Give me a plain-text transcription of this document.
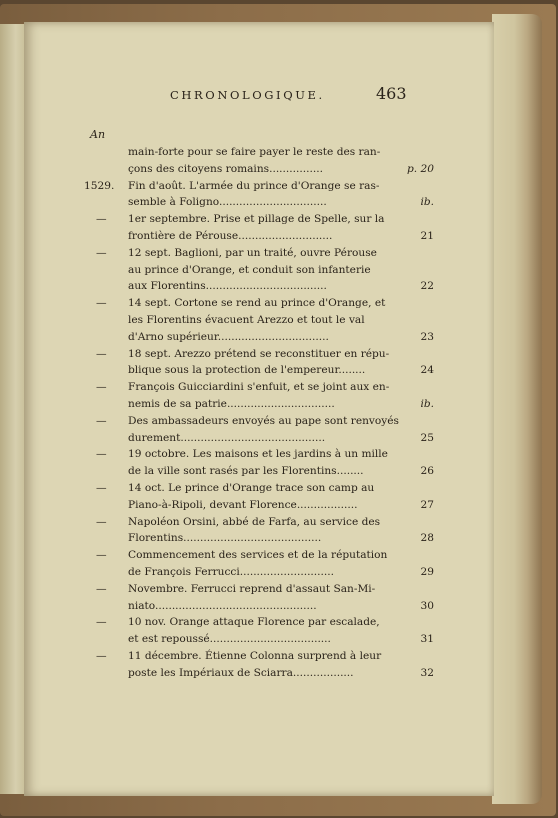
CHRONOLOGIQUE.	463
An
main-forte pour se faire payer le reste des ran-
çons des citoyens romains................	p. 20
1529.	Fin d'août. L'armée du prince d'Orange se ras-
semble à Foligno................................	ib.
—	1er septembre. Prise et pillage de Spelle, sur la
frontière de Pérouse............................	21
—	12 sept. Baglioni, par un traité, ouvre Pérouse
au prince d'Orange, et conduit son infanterie
aux Florentins....................................	22
—	14 sept. Cortone se rend au prince d'Orange, et
les Florentins évacuent Arezzo et tout le val
d'Arno supérieur.................................	23
—	18 sept. Arezzo prétend se reconstituer en répu-
blique sous la protection de l'empereur........	24
—	François Guicciardini s'enfuit, et se joint aux en-
nemis de sa patrie................................	ib.
—	Des ambassadeurs envoyés au pape sont renvoyés
durement...........................................	25
—	19 octobre. Les maisons et les jardins à un mille
de la ville sont rasés par les Florentins........	26
—	14 oct. Le prince d'Orange trace son camp au
Piano-à-Ripoli, devant Florence..................	27
—	Napoléon Orsini, abbé de Farfa, au service des
Florentins.........................................	28
—	Commencement des services et de la réputation
de François Ferrucci............................	29
—	Novembre. Ferrucci reprend d'assaut San-Mi-
niato................................................	30
—	10 nov. Orange attaque Florence par escalade,
et est repoussé....................................	31
—	11 décembre. Étienne Colonna surprend à leur
poste les Impériaux de Sciarra..................	32
